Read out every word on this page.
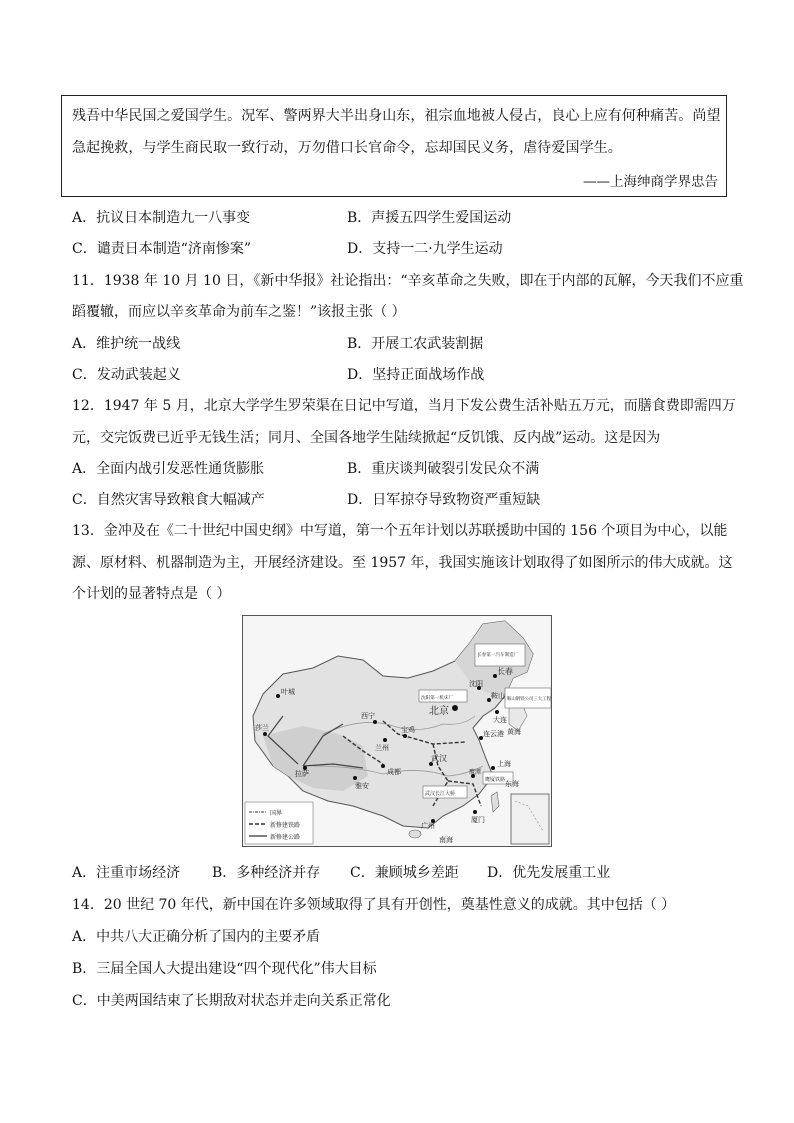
残吾中华民国之爱国学生。况军、警两界大半出身山东，祖宗血地被人侵占，良心上应有何种痛苦。尚望
急起挽救，与学生商民取一致行动，万勿借口长官命令，忘却国民义务，虐待爱国学生。
——上海绅商学界忠告
A．抗议日本制造九一八事变	B．声援五四学生爱国运动
C．谴责日本制造“济南惨案”	D．支持一二·九学生运动
11．1938 年 10 月 10 日，《新中华报》社论指出：“辛亥革命之失败，即在于内部的瓦解，今天我们不应重
蹈覆辙，而应以辛亥革命为前车之鉴！”该报主张（ ）
A．维护统一战线	B．开展工农武装割据
C．发动武装起义	D．坚持正面战场作战
12．1947 年 5 月，北京大学学生罗荣渠在日记中写道，当月下发公费生活补贴五万元，而膳食费即需四万
元，交完饭费已近乎无钱生活；同月、全国各地学生陆续掀起“反饥饿、反内战”运动。这是因为
A．全面内战引发恶性通货膨胀	B．重庆谈判破裂引发民众不满
C．自然灾害导致粮食大幅减产	D．日军掠夺导致物资严重短缺
13．金冲及在《二十世纪中国史纲》中写道，第一个五年计划以苏联援助中国的 156 个项目为中心，以能
源、原材料、机器制造为主，开展经济建设。至 1957 年，我国实施该计划取得了如图所示的伟大成就。这
个计划的显著特点是（ ）
叶城
莎兰
西宁
兰州
宝鸡
北京
沈阳
长春
鞍山
大连
连云港
拉萨
雅安
成都
武汉
鹰潭
上海
广州
厦门
长春第一汽车制造厂
沈阳第一机床厂	鞍山钢铁公司三大工程
武汉长江大桥
鹰厦铁路
国界
新修建铁路
新修建公路
黄海
东海
南海
A．注重市场经济 B．多种经济并存 C．兼顾城乡差距 D．优先发展重工业
14．20 世纪 70 年代，新中国在许多领域取得了具有开创性，奠基性意义的成就。其中包括（ ）
A．中共八大正确分析了国内的主要矛盾
B．三届全国人大提出建设“四个现代化”伟大目标
C．中美两国结束了长期敌对状态并走向关系正常化
